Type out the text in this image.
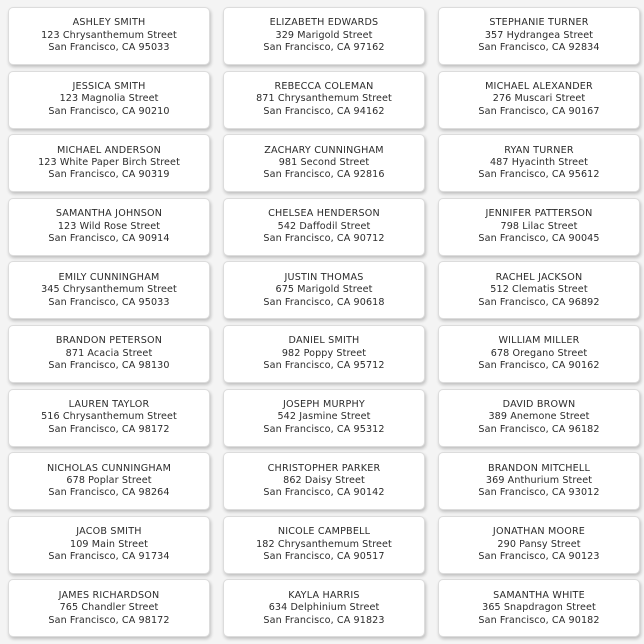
ASHLEY SMITH
123 Chrysanthemum Street
San Francisco, CA 95033
ELIZABETH EDWARDS
329 Marigold Street
San Francisco, CA 97162
STEPHANIE TURNER
357 Hydrangea Street
San Francisco, CA 92834
JESSICA SMITH
123 Magnolia Street
San Francisco, CA 90210
REBECCA COLEMAN
871 Chrysanthemum Street
San Francisco, CA 94162
MICHAEL ALEXANDER
276 Muscari Street
San Francisco, CA 90167
MICHAEL ANDERSON
123 White Paper Birch Street
San Francisco, CA 90319
ZACHARY CUNNINGHAM
981 Second Street
San Francisco, CA 92816
RYAN TURNER
487 Hyacinth Street
San Francisco, CA 95612
SAMANTHA JOHNSON
123 Wild Rose Street
San Francisco, CA 90914
CHELSEA HENDERSON
542 Daffodil Street
San Francisco, CA 90712
JENNIFER PATTERSON
798 Lilac Street
San Francisco, CA 90045
EMILY CUNNINGHAM
345 Chrysanthemum Street
San Francisco, CA 95033
JUSTIN THOMAS
675 Marigold Street
San Francisco, CA 90618
RACHEL JACKSON
512 Clematis Street
San Francisco, CA 96892
BRANDON PETERSON
871 Acacia Street
San Francisco, CA 98130
DANIEL SMITH
982 Poppy Street
San Francisco, CA 95712
WILLIAM MILLER
678 Oregano Street
San Francisco, CA 90162
LAUREN TAYLOR
516 Chrysanthemum Street
San Francisco, CA 98172
JOSEPH MURPHY
542 Jasmine Street
San Francisco, CA 95312
DAVID BROWN
389 Anemone Street
San Francisco, CA 96182
NICHOLAS CUNNINGHAM
678 Poplar Street
San Francisco, CA 98264
CHRISTOPHER PARKER
862 Daisy Street
San Francisco, CA 90142
BRANDON MITCHELL
369 Anthurium Street
San Francisco, CA 93012
JACOB SMITH
109 Main Street
San Francisco, CA 91734
NICOLE CAMPBELL
182 Chrysanthemum Street
San Francisco, CA 90517
JONATHAN MOORE
290 Pansy Street
San Francisco, CA 90123
JAMES RICHARDSON
765 Chandler Street
San Francisco, CA 98172
KAYLA HARRIS
634 Delphinium Street
San Francisco, CA 91823
SAMANTHA WHITE
365 Snapdragon Street
San Francisco, CA 90182
